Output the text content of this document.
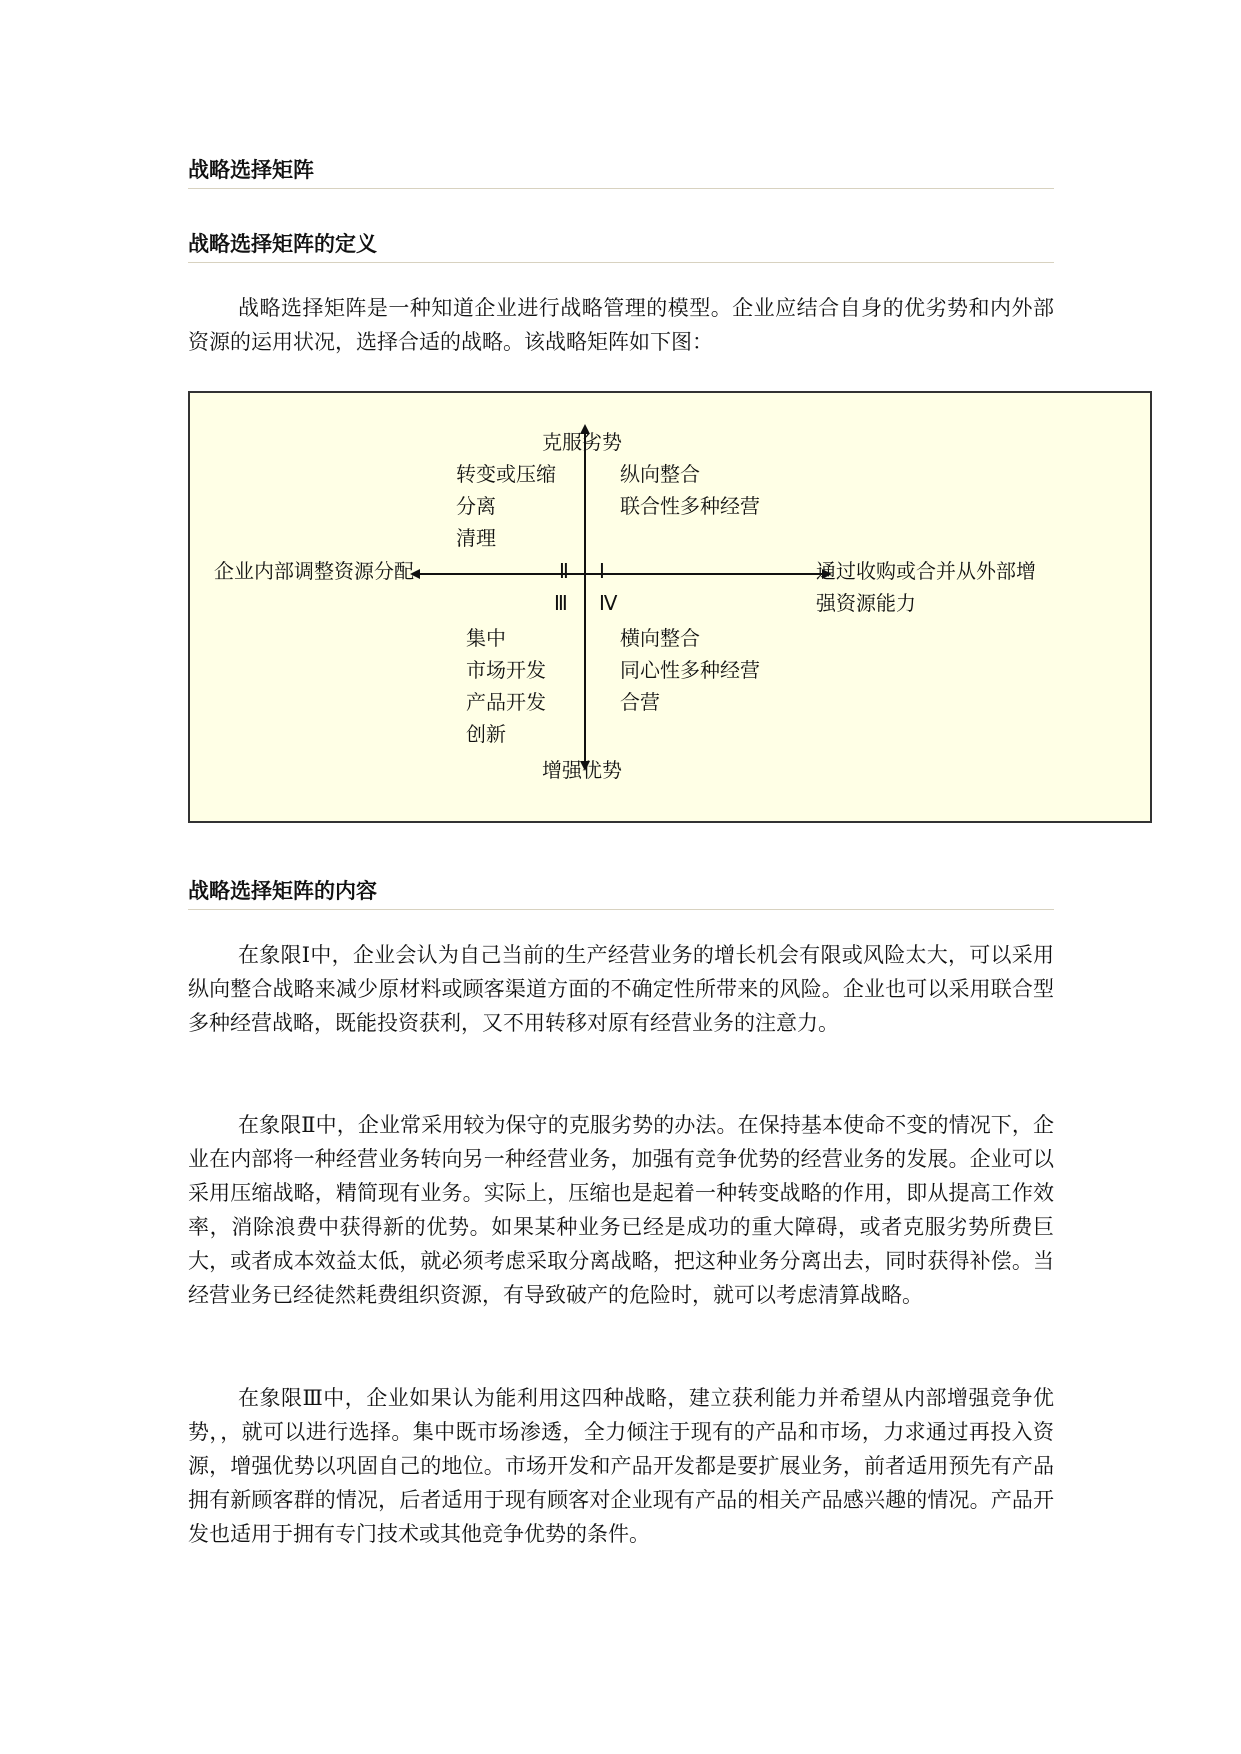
战略选择矩阵
战略选择矩阵的定义

战略选择矩阵是一种知道企业进行战略管理的模型。企业应结合自身的优劣势和内外部资源的运用状况，选择合适的战略。该战略矩阵如下图：

克服劣势
增强优势
企业内部调整资源分配	通过收购或合并从外部增
强资源能力
Ⅱ Ⅰ
Ⅲ Ⅳ
转变或压缩
分离
清理
纵向整合
联合性多种经营
集中
市场开发
产品开发
创新
横向整合
同心性多种经营
合营
战略选择矩阵的内容

在象限Ⅰ中，企业会认为自己当前的生产经营业务的增长机会有限或风险太大，可以采用纵向整合战略来减少原材料或顾客渠道方面的不确定性所带来的风险。企业也可以采用联合型多种经营战略，既能投资获利，又不用转移对原有经营业务的注意力。

在象限Ⅱ中，企业常采用较为保守的克服劣势的办法。在保持基本使命不变的情况下，企业在内部将一种经营业务转向另一种经营业务，加强有竞争优势的经营业务的发展。企业可以采用压缩战略，精简现有业务。实际上，压缩也是起着一种转变战略的作用，即从提高工作效率，消除浪费中获得新的优势。如果某种业务已经是成功的重大障碍，或者克服劣势所费巨大，或者成本效益太低，就必须考虑采取分离战略，把这种业务分离出去，同时获得补偿。当经营业务已经徒然耗费组织资源，有导致破产的危险时，就可以考虑清算战略。

在象限Ⅲ中，企业如果认为能利用这四种战略，建立获利能力并希望从内部增强竞争优势，，就可以进行选择。集中既市场渗透，全力倾注于现有的产品和市场，力求通过再投入资源，增强优势以巩固自己的地位。市场开发和产品开发都是要扩展业务，前者适用预先有产品拥有新顾客群的情况，后者适用于现有顾客对企业现有产品的相关产品感兴趣的情况。产品开发也适用于拥有专门技术或其他竞争优势的条件。
